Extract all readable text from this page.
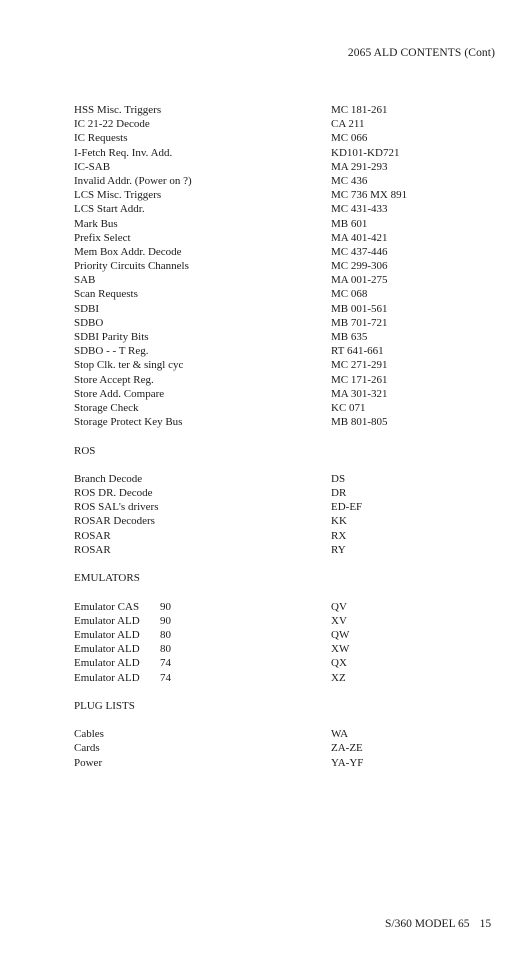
2065 ALD CONTENTS (Cont)
HSS Misc. Triggers	MC 181-261
IC 21-22 Decode	CA 211
IC Requests	MC 066
I-Fetch Req. Inv. Add.	KD101-KD721
IC-SAB	MA 291-293
Invalid Addr. (Power on ?)	MC 436
LCS Misc. Triggers	MC 736 MX 891
LCS Start Addr.	MC 431-433
Mark Bus	MB 601
Prefix Select	MA 401-421
Mem Box Addr. Decode	MC 437-446
Priority Circuits Channels	MC 299-306
SAB	MA 001-275
Scan Requests	MC 068
SDBI	MB 001-561
SDBO	MB 701-721
SDBI Parity Bits	MB 635
SDBO - - T Reg.	RT 641-661
Stop Clk. ter & singl cyc	MC 271-291
Store Accept Reg.	MC 171-261
Store Add. Compare	MA 301-321
Storage Check	KC 071
Storage Protect Key Bus	MB 801-805
ROS
Branch Decode	DS
ROS DR. Decode	DR
ROS SAL's drivers	ED-EF
ROSAR Decoders	KK
ROSAR	RX
ROSAR	RY
EMULATORS
Emulator CAS 90	QV
Emulator ALD 90	XV
Emulator ALD 80	QW
Emulator ALD 80	XW
Emulator ALD 74	QX
Emulator ALD 74	XZ
PLUG LISTS
Cables	WA
Cards	ZA-ZE
Power	YA-YF
S/360 MODEL 65 15
